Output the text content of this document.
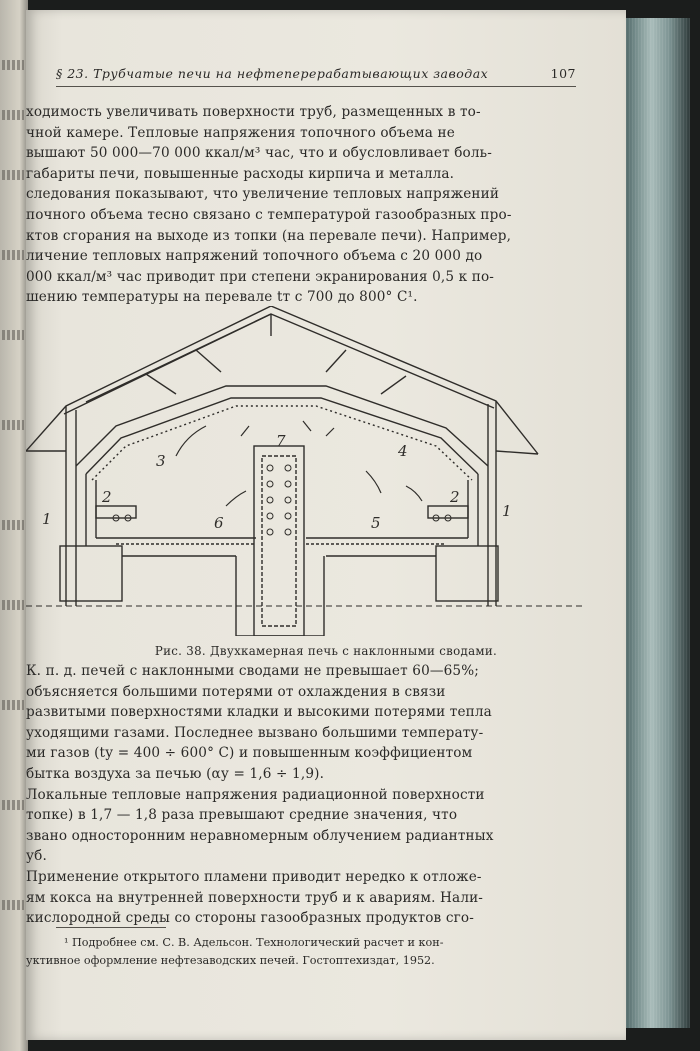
§ 23. Трубчатые печи на нефтеперерабатывающих заводах	107
ходимость увеличивать поверхности труб, размещенных в то-
чной камере. Тепловые напряжения топочного объема не
вышают 50 000—70 000 ккал/м³ час, что и обусловливает боль-
габариты печи, повышенные расходы кирпича и металла.
следования показывают, что увеличение тепловых напряжений
почного объема тесно связано с температурой газообразных про-
ктов сгорания на выходе из топки (на перевале печи). Например,
личение тепловых напряжений топочного объема с 20 000 до
000 ккал/м³ час приводит при степени экранирования 0,5 к по-
шению температуры на перевале tт с 700 до 800° С¹.
1
2
3
4
5
6
7
2
1
Рис. 38. Двухкамерная печь с наклонными сводами.
К. п. д. печей с наклонными сводами не превышает 60—65%;
объясняется большими потерями от охлаждения в связи
развитыми поверхностями кладки и высокими потерями тепла
уходящими газами. Последнее вызвано большими температу-
ми газов (tу = 400 ÷ 600° С) и повышенным коэффициентом
бытка воздуха за печью (αу = 1,6 ÷ 1,9).
Локальные тепловые напряжения радиационной поверхности
топке) в 1,7 — 1,8 раза превышают средние значения, что
звано односторонним неравномерным облучением радиантных
уб.
Применение открытого пламени приводит нередко к отложе-
ям кокса на внутренней поверхности труб и к авариям. Нали-
кислородной среды со стороны газообразных продуктов сго-
¹ Подробнее см. С. В. Адельсон. Технологический расчет и кон-
уктивное оформление нефтезаводских печей. Гостоптехиздат, 1952.
